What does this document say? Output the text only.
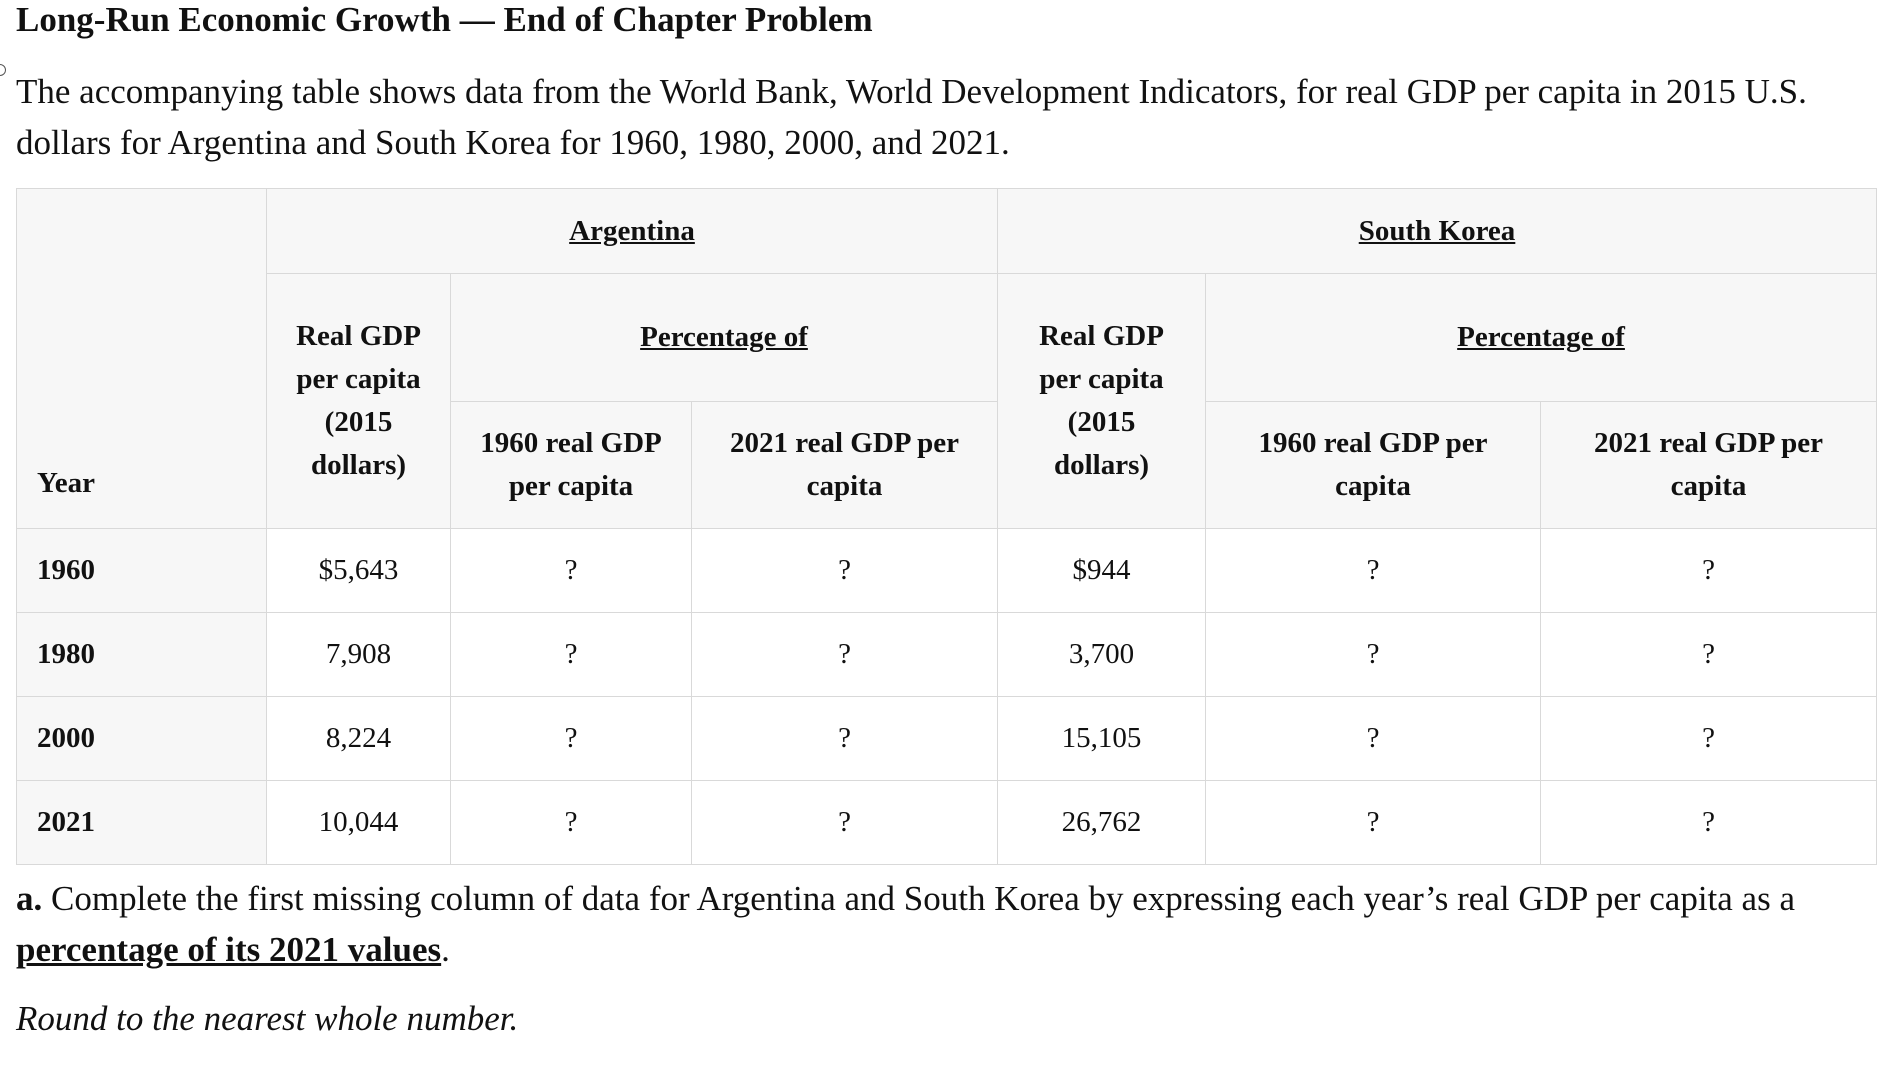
Long-Run Economic Growth — End of Chapter Problem
The accompanying table shows data from the World Bank, World Development Indicators, for real GDP per capita in 2015 U.S. dollars for Argentina and South Korea for 1960, 1980, 2000, and 2021.
Year	Argentina			South Korea		
	Real GDP per capita (2015 dollars)	Percentage of		Real GDP per capita (2015 dollars)	Percentage of	
		1960 real GDP per capita	2021 real GDP per capita		1960 real GDP per capita	2021 real GDP per capita
1960	$5,643	?	?	$944	?	?
1980	7,908	?	?	3,700	?	?
2000	8,224	?	?	15,105	?	?
2021	10,044	?	?	26,762	?	?
a. Complete the first missing column of data for Argentina and South Korea by expressing each year’s real GDP per capita as a percentage of its 2021 values.
Round to the nearest whole number.
